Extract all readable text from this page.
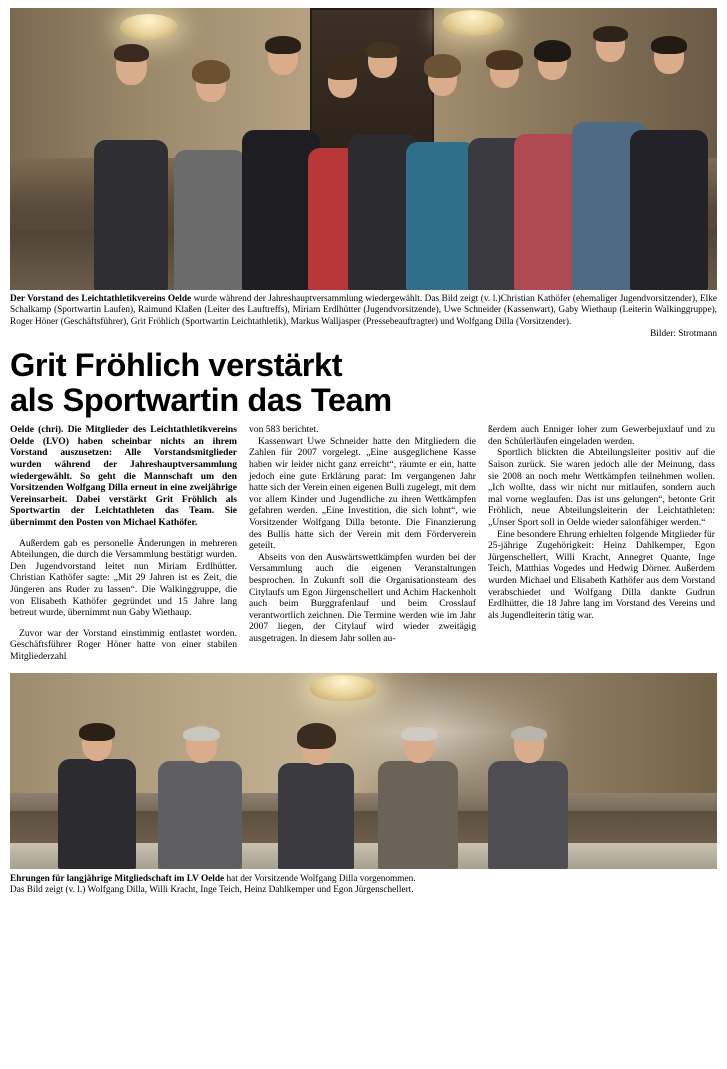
Der Vorstand des Leichtathletikvereins Oelde wurde während der Jahreshauptversammlung wiedergewählt. Das Bild zeigt (v. l.)Christian Kathöfer (ehemaliger Jugendvorsitzender), Elke Schalkamp (Sportwartin Laufen), Raimund Klaßen (Leiter des Lauftreffs), Miriam Erdlhütter (Jugendvorsitzende), Uwe Schneider (Kassenwart), Gaby Wiethaup (Leiterin Walkinggruppe), Roger Höner (Geschäftsführer), Grit Fröhlich (Sportwartin Leichtathletik), Markus Walljasper (Pressebeauftragter) und Wolfgang Dilla (Vorsitzender).
Bilder: Strotmann
Grit Fröhlich verstärkt
als Sportwartin das Team

Oelde (chri). Die Mitglieder des Leichtathletikvereins Oelde (LVO) haben scheinbar nichts an ihrem Vorstand auszusetzen: Alle Vorstandsmitglieder wurden während der Jahreshauptversammlung wiedergewählt. So geht die Mannschaft um den Vorsitzenden Wolfgang Dilla erneut in eine zweijährige Vereinsarbeit. Dabei verstärkt Grit Fröhlich als Sportwartin der Leichtathleten das Team. Sie übernimmt den Posten von Michael Kathöfer.

Außerdem gab es personelle Änderungen in mehreren Abteilungen, die durch die Versammlung bestätigt wurden. Den Jugendvorstand leitet nun Miriam Erdlhütter. Christian Kathöfer sagte: „Mit 29 Jahren ist es Zeit, die Jüngeren ans Ruder zu lassen“. Die Walkinggruppe, die von Elisabeth Kathöfer gegründet und 15 Jahre lang betreut wurde, übernimmt nun Gaby Wiethaup.

Zuvor war der Vorstand einstimmig entlastet worden. Geschäftsführer Roger Höner hatte von einer stabilen Mitgliederzahl

von 583 berichtet.

Kassenwart Uwe Schneider hatte den Mitgliedern die Zahlen für 2007 vorgelegt. „Eine ausgeglichene Kasse haben wir leider nicht ganz erreicht“, räumte er ein, hatte jedoch eine gute Erklärung parat: Im vergangenen Jahr hatte sich der Verein einen eigenen Bulli zugelegt, mit dem vor allem Kinder und Jugendliche zu ihren Wettkämpfen gefahren werden. „Eine Investition, die sich lohnt“, wie Vorsitzender Wolfgang Dilla betonte. Die Finanzierung des Bullis hatte sich der Verein mit dem Förderverein geteilt.

Abseits von den Auswärtswettkämpfen wurden bei der Versammlung auch die eigenen Veranstaltungen besprochen. In Zukunft soll die Organisationsteam des Citylaufs um Egon Jürgenschellert und Achim Hackenholt auch beim Burggrafenlauf und beim Crosslauf verantwortlich zeichnen. Die Termine werden wie im Jahr 2007 liegen, der Citylauf wird wieder zweitägig ausgetragen. In diesem Jahr sollen au-

ßerdem auch Enniger loher zum Gewerbejuxlauf und zu den Schülerläufen eingeladen werden.

Sportlich blickten die Abteilungsleiter positiv auf die Saison zurück. Sie waren jedoch alle der Meinung, dass sie 2008 an noch mehr Wettkämpfen teilnehmen wollen. „Ich wollte, dass wir nicht nur mitlaufen, sondern auch mal vorne weglaufen. Das ist uns gelungen“, betonte Grit Fröhlich, neue Abteilungsleiterin der Leichtathleten: „Unser Sport soll in Oelde wieder salonfähiger werden.“

Eine besondere Ehrung erhielten folgende Mitglieder für 25-jährige Zugehörigkeit: Heinz Dahlkemper, Egon Jürgenschellert, Willi Kracht, Annegret Quante, Inge Teich, Matthias Vogedes und Hedwig Dörner. Außerdem wurden Michael und Elisabeth Kathöfer aus dem Vorstand verabschiedet und Wolfgang Dilla dankte Gudrun Erdlhütter, die 18 Jahre lang im Vorstand des Vereins und als Jugendleiterin tätig war.

Ehrungen für langjährige Mitgliedschaft im LV Oelde hat der Vorsitzende Wolfgang Dilla vorgenommen.
Das Bild zeigt (v. l.) Wolfgang Dilla, Willi Kracht, Inge Teich, Heinz Dahlkemper und Egon Jürgenschellert.
